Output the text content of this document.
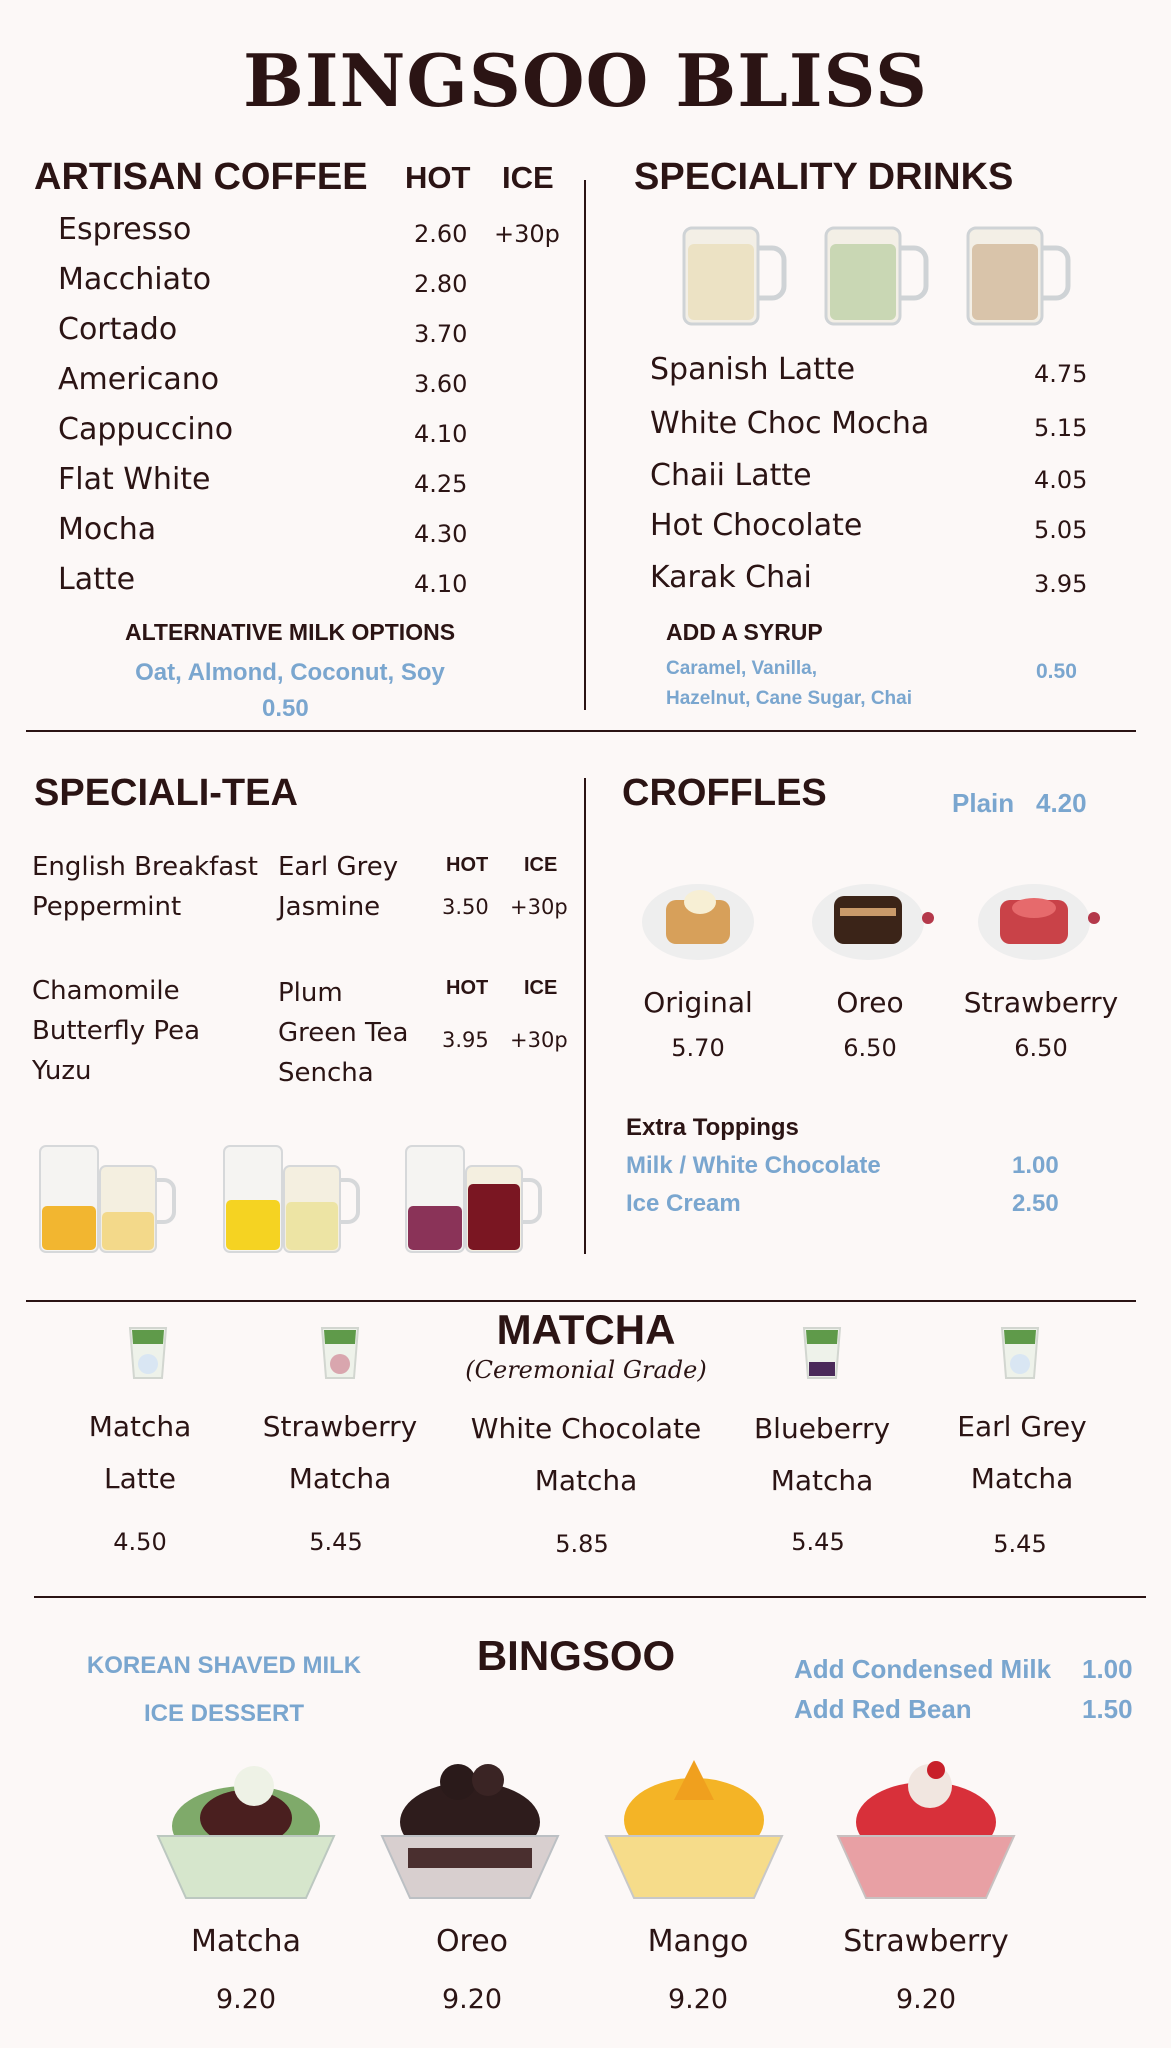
BINGSOO BLISS
ARTISAN COFFEE HOT ICE
Espresso	2.60 +30p
Macchiato	2.80
Cortado	3.70
Americano	3.60
Cappuccino	4.10
Flat White	4.25
Mocha	4.30
Latte	4.10
ALTERNATIVE MILK OPTIONS
Oat, Almond, Coconut, Soy
0.50
SPECIALITY DRINKS
Spanish Latte	4.75
White Choc Mocha	5.15
Chaii Latte	4.05
Hot Chocolate	5.05
Karak Chai	3.95
ADD A SYRUP
Caramel, Vanilla,
Hazelnut, Cane Sugar, Chai
0.50
SPECIALI-TEA
English Breakfast
Peppermint
Earl Grey
Jasmine
HOT ICE
3.50 +30p
Chamomile
Butterfly Pea
Yuzu
Plum
Green Tea
Sencha
HOT ICE
3.95 +30p
CROFFLES	Plain 4.20
Original
5.70
Oreo
6.50
Strawberry
6.50
Extra Toppings
Milk / White Chocolate	1.00
Ice Cream	2.50
MATCHA
(Ceremonial Grade)
Matcha
Latte
4.50
Strawberry
Matcha
5.45
White Chocolate
Matcha
5.85
Blueberry
Matcha
5.45
Earl Grey
Matcha
5.45
KOREAN SHAVED MILK
ICE DESSERT
BINGSOO	Add Condensed Milk 1.00
Add Red Bean	1.50
Matcha
9.20
Oreo
9.20
Mango
9.20
Strawberry
9.20
